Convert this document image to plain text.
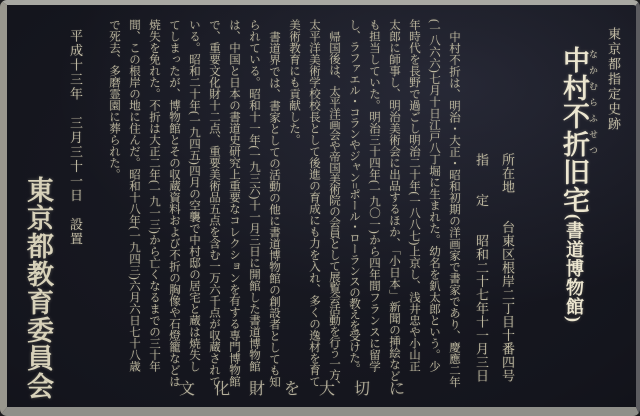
東京都指定史跡
中村不折 なかむらふせつ旧宅(書道博物館)
所在地　　台東区根岸二丁目十番四号
指　　定　　昭和二十七年十一月三日
中村不折は、明治・大正・昭和初期の洋画家で書家であり、慶應二年
(一八六六)七月十日江戸八丁堀に生まれた。幼名を釟太郎という。少
年時代を長野で過ごし明治二十年(一八八七)上京し、浅井忠や小山正
太郎に師事し、明治美術会に出品するほか、「小日本」新聞の挿絵など
も担当していた。明治三十四年(一九〇一)から四年間フランスに留学
し、ラファエル・コランやジャン=ポール・ローランスの教えを受けた。
帰国後は、太平洋画会や帝国美術院の会員として展覧会活動を行う一方、
太平洋美術学校校長として後進の育成にも力を入れ、多くの逸材を育て
美術教育にも貢献した。
書道界では、書家としての活動の他に書道博物館の創設者としても知
られている。昭和十一年(一九三六)十一月三日に開館した書道博物館
は、中国と日本の書道史研究上重要なコレクションを有する専門博物館
で、重要文化財十二点、重要美術品五点を含む一万六千点が収蔵されて
いる。昭和二十年(一九四五)四月の空襲で中村邸の居宅と蔵は焼失し
てしまったが、博物館とその収蔵資料および不折の胸像や石燈籠などは
焼失を免れた。不折は大正二年(一九一三)から亡くなるまでの三十年
間、この根岸の地に住んだ。昭和十八年(一九四三)六月六日七十八歳
で死去、多磨霊園に葬られた。
平成十三年　三月三十一日　設置
東京都教育委員会	文化財を大切に
